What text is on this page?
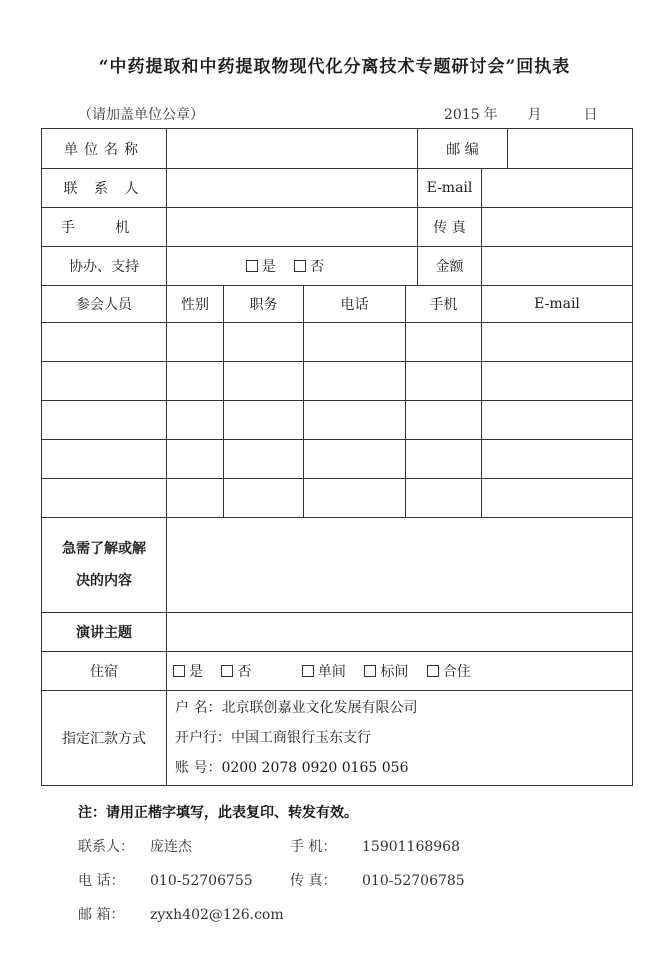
“中药提取和中药提取物现代化分离技术专题研讨会”回执表
（请加盖单位公章）	2015 年 月	日
单位名称					邮 编		
联 系 人					E-mail		
手 机					传 真		
协办、支持	是 否				金额		
参会人员	性别	职务	电话	手机		E-mail	

急需了解或解
决的内容							

演讲主题							
住宿	是 否 单间 标间 合住						
指定汇款方式	户 名：北京联创嘉业文化发展有限公司
开户行：中国工商银行玉东支行
账 号：0200 2078 0920 0165 056						
注：请用正楷字填写，此表复印、转发有效。
联系人： 庞连杰	手 机： 15901168968
电 话： 010-52706755	传 真： 010-52706785
邮 箱： zyxh402@126.com
